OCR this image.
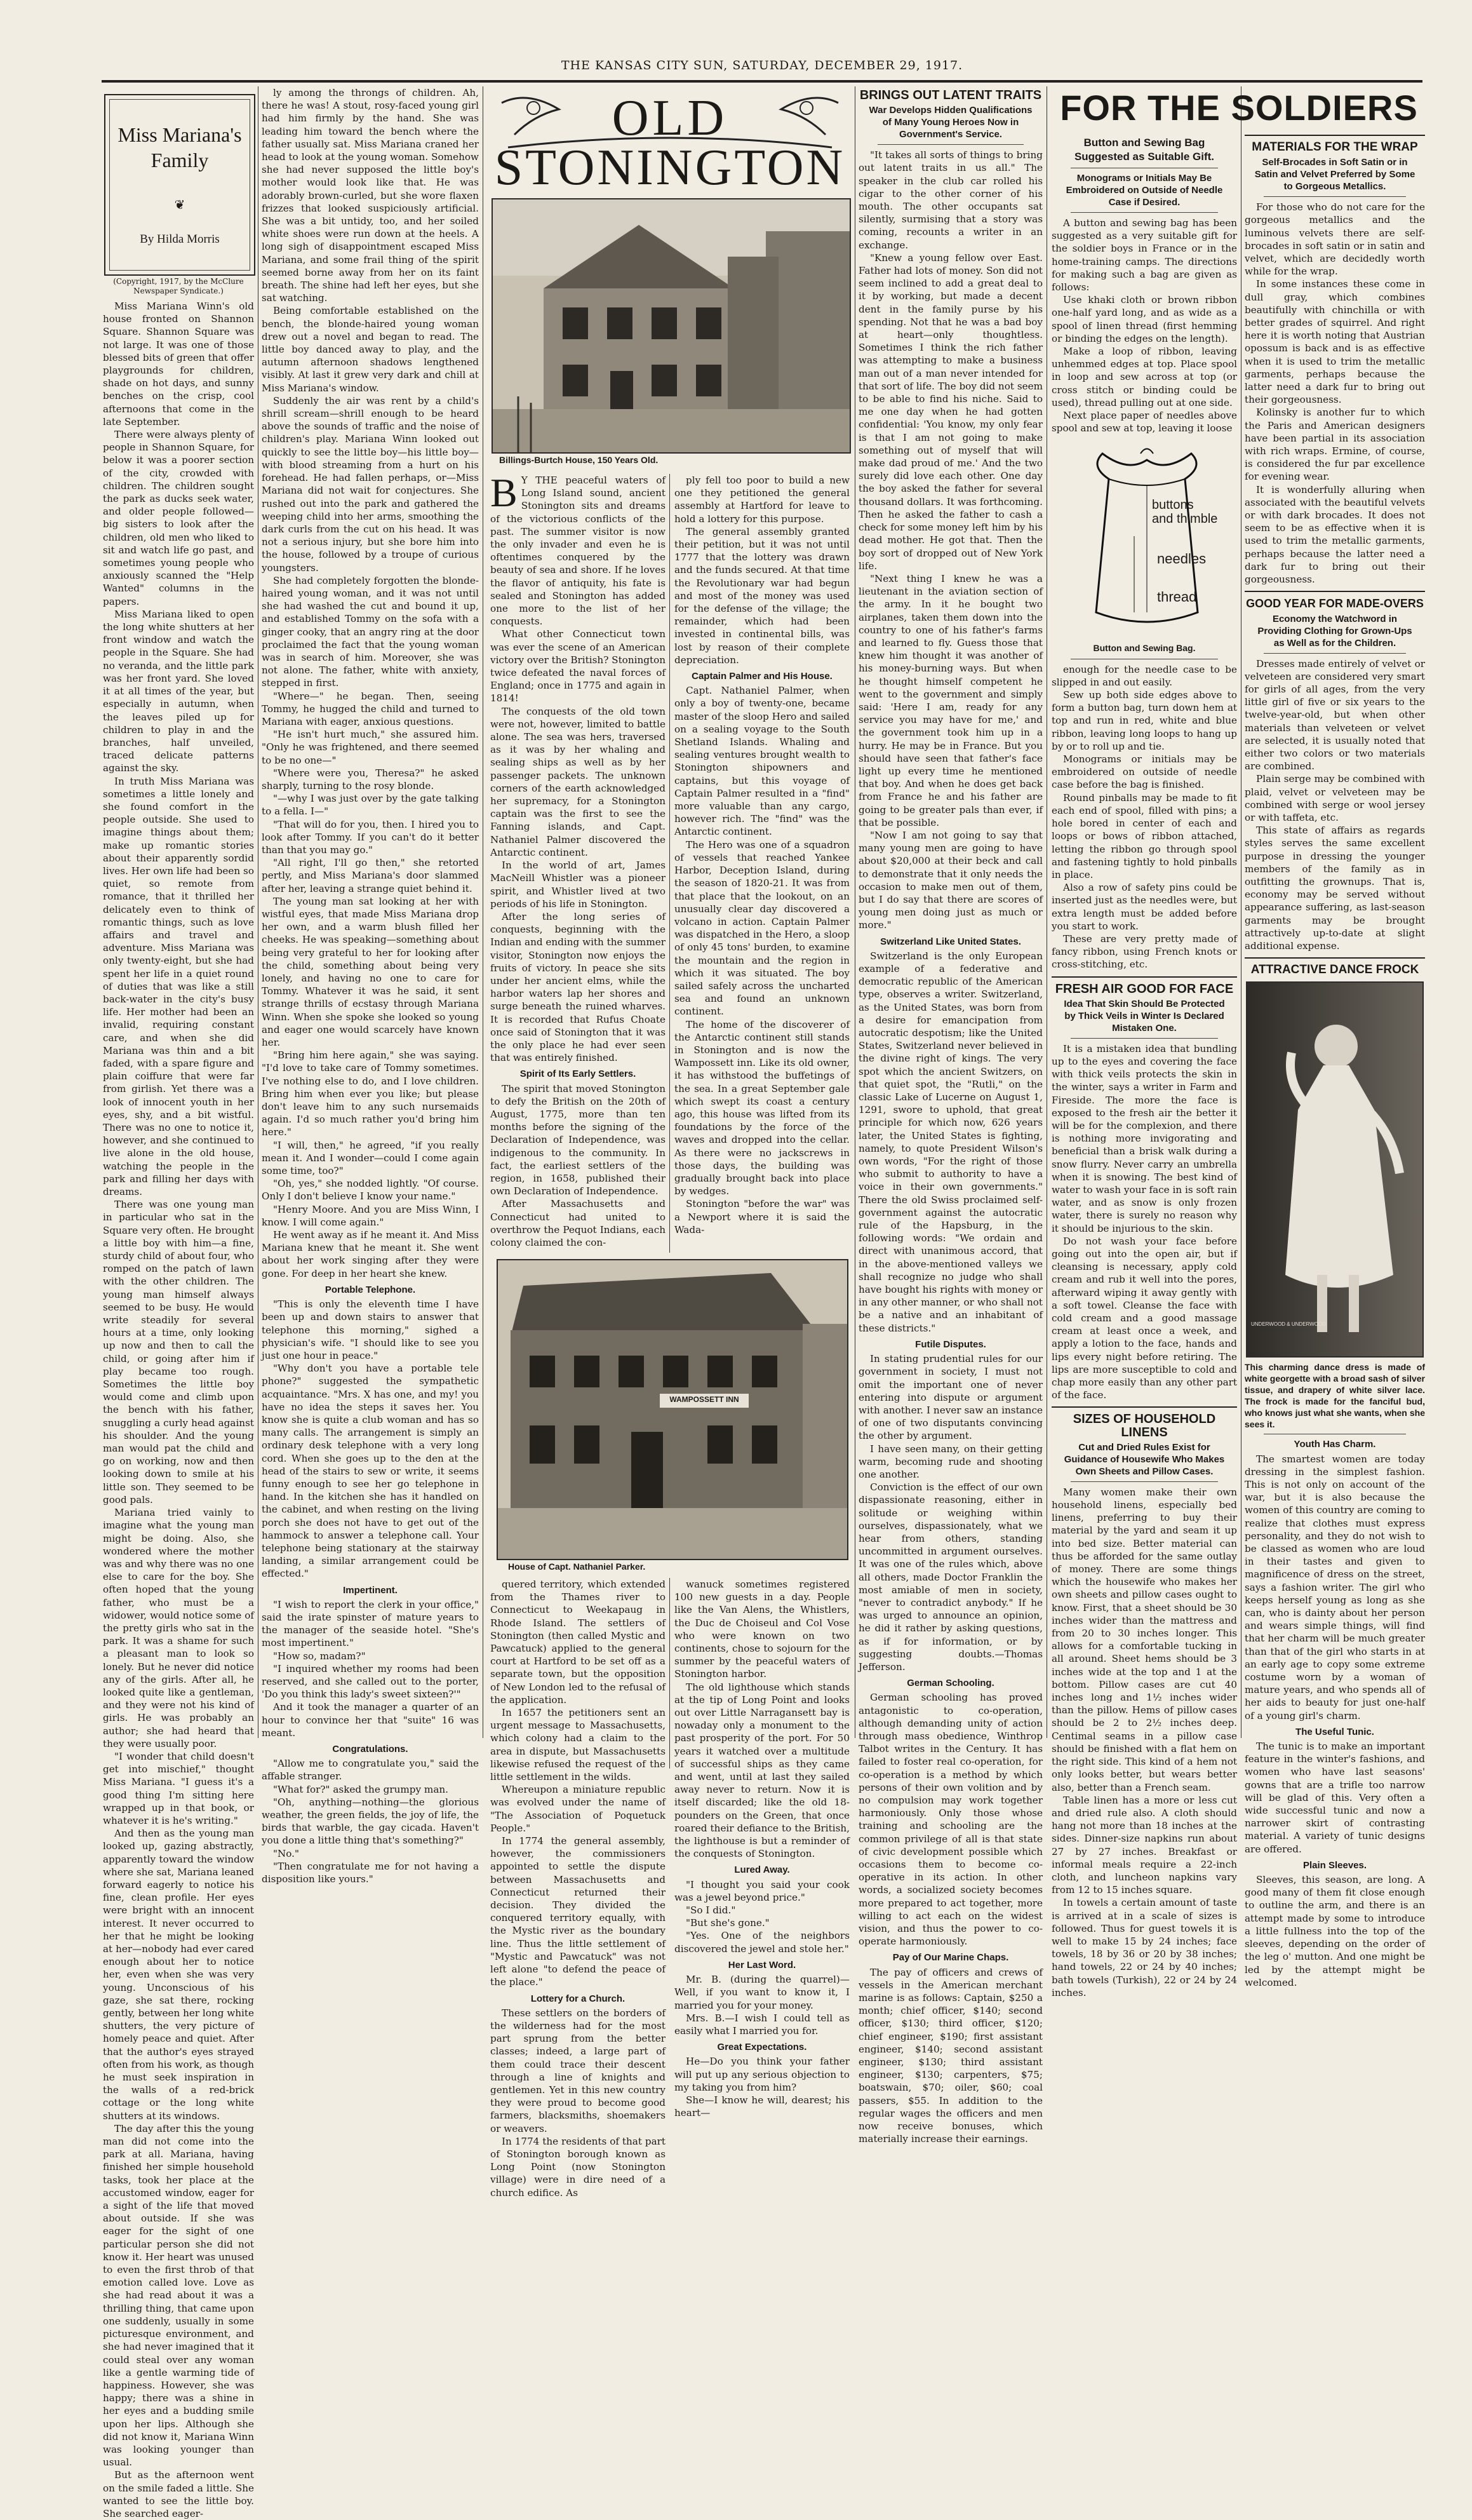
THE KANSAS CITY SUN, SATURDAY, DECEMBER 29, 1917.
Miss Mariana's Family
❦
By Hilda Morris
(Copyright, 1917, by the McClure Newspaper Syndicate.)

Miss Mariana Winn's old house fronted on Shannon Square. Shannon Square was not large. It was one of those blessed bits of green that offer playgrounds for children, shade on hot days, and sunny benches on the crisp, cool afternoons that come in the late September.

There were always plenty of people in Shannon Square, for below it was a poorer section of the city, crowded with children. The children sought the park as ducks seek water, and older people followed—big sisters to look after the children, old men who liked to sit and watch life go past, and sometimes young people who anxiously scanned the "Help Wanted" columns in the papers.

Miss Mariana liked to open the long white shutters at her front window and watch the people in the Square. She had no veranda, and the little park was her front yard. She loved it at all times of the year, but especially in autumn, when the leaves piled up for children to play in and the branches, half unveiled, traced delicate patterns against the sky.

In truth Miss Mariana was sometimes a little lonely and she found comfort in the people outside. She used to imagine things about them; make up romantic stories about their apparently sordid lives. Her own life had been so quiet, so remote from romance, that it thrilled her delicately even to think of romantic things, such as love affairs and travel and adventure. Miss Mariana was only twenty-eight, but she had spent her life in a quiet round of duties that was like a still back-water in the city's busy life. Her mother had been an invalid, requiring constant care, and when she did Mariana was thin and a bit faded, with a spare figure and plain coiffure that were far from girlish. Yet there was a look of innocent youth in her eyes, shy, and a bit wistful. There was no one to notice it, however, and she continued to live alone in the old house, watching the people in the park and filling her days with dreams.

There was one young man in particular who sat in the Square very often. He brought a little boy with him—a fine, sturdy child of about four, who romped on the patch of lawn with the other children. The young man himself always seemed to be busy. He would write steadily for several hours at a time, only looking up now and then to call the child, or going after him if play became too rough. Sometimes the little boy would come and climb upon the bench with his father, snuggling a curly head against his shoulder. And the young man would pat the child and go on working, now and then looking down to smile at his little son. They seemed to be good pals.

Mariana tried vainly to imagine what the young man might be doing. Also, she wondered where the mother was and why there was no one else to care for the boy. She often hoped that the young father, who must be a widower, would notice some of the pretty girls who sat in the park. It was a shame for such a pleasant man to look so lonely. But he never did notice any of the girls. After all, he looked quite like a gentleman, and they were not his kind of girls. He was probably an author; she had heard that they were usually poor.

"I wonder that child doesn't get into mischief," thought Miss Mariana. "I guess it's a good thing I'm sitting here wrapped up in that book, or whatever it is he's writing."

And then as the young man looked up, gazing abstractly, apparently toward the window where she sat, Mariana leaned forward eagerly to notice his fine, clean profile. Her eyes were bright with an innocent interest. It never occurred to her that he might be looking at her—nobody had ever cared enough about her to notice her, even when she was very young. Unconscious of his gaze, she sat there, rocking gently, between her long white shutters, the very picture of homely peace and quiet. After that the author's eyes strayed often from his work, as though he must seek inspiration in the walls of a red-brick cottage or the long white shutters at its windows.

The day after this the young man did not come into the park at all. Mariana, having finished her simple household tasks, took her place at the accustomed window, eager for a sight of the life that moved about outside. If she was eager for the sight of one particular person she did not know it. Her heart was unused to even the first throb of that emotion called love. Love as she had read about it was a thrilling thing, that came upon one suddenly, usually in some picturesque environment, and she had never imagined that it could steal over any woman like a gentle warming tide of happiness. However, she was happy; there was a shine in her eyes and a budding smile upon her lips. Although she did not know it, Mariana Winn was looking younger than usual.

But as the afternoon went on the smile faded a little. She wanted to see the little boy. She searched eager-

ly among the throngs of children. Ah, there he was! A stout, rosy-faced young girl had him firmly by the hand. She was leading him toward the bench where the father usually sat. Miss Mariana craned her head to look at the young woman. Somehow she had never supposed the little boy's mother would look like that. He was adorably brown-curled, but she wore flaxen frizzes that looked suspiciously artificial. She was a bit untidy, too, and her soiled white shoes were run down at the heels. A long sigh of disappointment escaped Miss Mariana, and some frail thing of the spirit seemed borne away from her on its faint breath. The shine had left her eyes, but she sat watching.

Being comfortable established on the bench, the blonde-haired young woman drew out a novel and began to read. The little boy danced away to play, and the autumn afternoon shadows lengthened visibly. At last it grew very dark and chill at Miss Mariana's window.

Suddenly the air was rent by a child's shrill scream—shrill enough to be heard above the sounds of traffic and the noise of children's play. Mariana Winn looked out quickly to see the little boy—his little boy—with blood streaming from a hurt on his forehead. He had fallen perhaps, or—Miss Mariana did not wait for conjectures. She rushed out into the park and gathered the weeping child into her arms, smoothing the dark curls from the cut on his head. It was not a serious injury, but she bore him into the house, followed by a troupe of curious youngsters.

She had completely forgotten the blonde-haired young woman, and it was not until she had washed the cut and bound it up, and established Tommy on the sofa with a ginger cooky, that an angry ring at the door proclaimed the fact that the young woman was in search of him. Moreover, she was not alone. The father, white with anxiety, stepped in first.

"Where—" he began. Then, seeing Tommy, he hugged the child and turned to Mariana with eager, anxious questions.

"He isn't hurt much," she assured him. "Only he was frightened, and there seemed to be no one—"

"Where were you, Theresa?" he asked sharply, turning to the rosy blonde.

"—why I was just over by the gate talking to a fella. I—"

"That will do for you, then. I hired you to look after Tommy. If you can't do it better than that you may go."

"All right, I'll go then," she retorted pertly, and Miss Mariana's door slammed after her, leaving a strange quiet behind it.

The young man sat looking at her with wistful eyes, that made Miss Mariana drop her own, and a warm blush filled her cheeks. He was speaking—something about being very grateful to her for looking after the child, something about being very lonely, and having no one to care for Tommy. Whatever it was he said, it sent strange thrills of ecstasy through Mariana Winn. When she spoke she looked so young and eager one would scarcely have known her.

"Bring him here again," she was saying. "I'd love to take care of Tommy sometimes. I've nothing else to do, and I love children. Bring him when ever you like; but please don't leave him to any such nursemaids again. I'd so much rather you'd bring him here."

"I will, then," he agreed, "if you really mean it. And I wonder—could I come again some time, too?"

"Oh, yes," she nodded lightly. "Of course. Only I don't believe I know your name."

"Henry Moore. And you are Miss Winn, I know. I will come again."

He went away as if he meant it. And Miss Mariana knew that he meant it. She went about her work singing after they were gone. For deep in her heart she knew.

Portable Telephone.

"This is only the eleventh time I have been up and down stairs to answer that telephone this morning," sighed a physician's wife. "I should like to see you just one hour in peace."

"Why don't you have a portable tele phone?" suggested the sympathetic acquaintance. "Mrs. X has one, and my! you have no idea the steps it saves her. You know she is quite a club woman and has so many calls. The arrangement is simply an ordinary desk telephone with a very long cord. When she goes up to the den at the head of the stairs to sew or write, it seems funny enough to see her go telephone in hand. In the kitchen she has it handled on the cabinet, and when resting on the living porch she does not have to get out of the hammock to answer a telephone call. Your telephone being stationary at the stairway landing, a similar arrangement could be effected."

Impertinent.

"I wish to report the clerk in your office," said the irate spinster of mature years to the manager of the seaside hotel. "She's most impertinent."

"How so, madam?"

"I inquired whether my rooms had been reserved, and she called out to the porter, 'Do you think this lady's sweet sixteen?'"

And it took the manager a quarter of an hour to convince her that "suite" 16 was meant.

Congratulations.

"Allow me to congratulate you," said the affable stranger.

"What for?" asked the grumpy man.

"Oh, anything—nothing—the glorious weather, the green fields, the joy of life, the birds that warble, the gay cicada. Haven't you done a little thing that's something?"

"No."

"Then congratulate me for not having a disposition like yours."

OLD
STONINGTON
Billings-Burtch House, 150 Years Old.
B Y THE peaceful waters of Long Island sound, ancient Stonington sits and dreams of the victorious conflicts of the past. The summer visitor is now the only invader and even he is oftentimes conquered by the beauty of sea and shore. If he loves the flavor of antiquity, his fate is sealed and Stonington has added one more to the list of her conquests.

What other Connecticut town was ever the scene of an American victory over the British? Stonington twice defeated the naval forces of England; once in 1775 and again in 1814!

The conquests of the old town were not, however, limited to battle alone. The sea was hers, traversed as it was by her whaling and sealing ships as well as by her passenger packets. The unknown corners of the earth acknowledged her supremacy, for a Stonington captain was the first to see the Fanning islands, and Capt. Nathaniel Palmer discovered the Antarctic continent.

In the world of art, James MacNeill Whistler was a pioneer spirit, and Whistler lived at two periods of his life in Stonington.

After the long series of conquests, beginning with the Indian and ending with the summer visitor, Stonington now enjoys the fruits of victory. In peace she sits under her ancient elms, while the harbor waters lap her shores and surge beneath the ruined wharves. It is recorded that Rufus Choate once said of Stonington that it was the only place he had ever seen that was entirely finished.

Spirit of Its Early Settlers.

The spirit that moved Stonington to defy the British on the 20th of August, 1775, more than ten months before the signing of the Declaration of Independence, was indigenous to the community. In fact, the earliest settlers of the region, in 1658, published their own Declaration of Independence.

After Massachusetts and Connecticut had united to overthrow the Pequot Indians, each colony claimed the con-

ply fell too poor to build a new one they petitioned the general assembly at Hartford for leave to hold a lottery for this purpose.

The general assembly granted their petition, but it was not until 1777 that the lottery was drawn and the funds secured. At that time the Revolutionary war had begun and most of the money was used for the defense of the village; the remainder, which had been invested in continental bills, was lost by reason of their complete depreciation.

Captain Palmer and His House.

Capt. Nathaniel Palmer, when only a boy of twenty-one, became master of the sloop Hero and sailed on a sealing voyage to the South Shetland Islands. Whaling and sealing ventures brought wealth to Stonington shipowners and captains, but this voyage of Captain Palmer resulted in a "find" more valuable than any cargo, however rich. The "find" was the Antarctic continent.

The Hero was one of a squadron of vessels that reached Yankee Harbor, Deception Island, during the season of 1820-21. It was from that place that the lookout, on an unusually clear day discovered a volcano in action. Captain Palmer was dispatched in the Hero, a sloop of only 45 tons' burden, to examine the mountain and the region in which it was situated. The boy sailed safely across the uncharted sea and found an unknown continent.

The home of the discoverer of the Antarctic continent still stands in Stonington and is now the Wampossett inn. Like its old owner, it has withstood the buffetings of the sea. In a great September gale which swept its coast a century ago, this house was lifted from its foundations by the force of the waves and dropped into the cellar. As there were no jackscrews in those days, the building was gradually brought back into place by wedges.

Stonington "before the war" was a Newport where it is said the Wada-

WAMPOSSETT INN
House of Capt. Nathaniel Parker.

quered territory, which extended from the Thames river to Connecticut to Weekapaug in Rhode Island. The settlers of Stonington (then called Mystic and Pawcatuck) applied to the general court at Hartford to be set off as a separate town, but the opposition of New London led to the refusal of the application.

In 1657 the petitioners sent an urgent message to Massachusetts, which colony had a claim to the area in dispute, but Massachusetts likewise refused the request of the little settlement in the wilds.

Whereupon a miniature republic was evolved under the name of "The Association of Poquetuck People."

In 1774 the general assembly, however, the commissioners appointed to settle the dispute between Massachusetts and Connecticut returned their decision. They divided the conquered territory equally, with the Mystic river as the boundary line. Thus the little settlement of "Mystic and Pawcatuck" was not left alone "to defend the peace of the place."

Lottery for a Church.

These settlers on the borders of the wilderness had for the most part sprung from the better classes; indeed, a large part of them could trace their descent through a line of knights and gentlemen. Yet in this new country they were proud to become good farmers, blacksmiths, shoemakers or weavers.

In 1774 the residents of that part of Stonington borough known as Long Point (now Stonington village) were in dire need of a church edifice. As

wanuck sometimes registered 100 new guests in a day. People like the Van Alens, the Whistlers, the Duc de Choiseul and Col Vose who were known on two continents, chose to sojourn for the summer by the peaceful waters of Stonington harbor.

The old lighthouse which stands at the tip of Long Point and looks out over Little Narragansett bay is nowaday only a monument to the past prosperity of the port. For 50 years it watched over a multitude of successful ships as they came and went, until at last they sailed away never to return. Now it is itself discarded; like the old 18-pounders on the Green, that once roared their defiance to the British, the lighthouse is but a reminder of the conquests of Stonington.

Lured Away.

"I thought you said your cook was a jewel beyond price."

"So I did."

"But she's gone."

"Yes. One of the neighbors discovered the jewel and stole her."

Her Last Word.

Mr. B. (during the quarrel)—Well, if you want to know it, I married you for your money.

Mrs. B.—I wish I could tell as easily what I married you for.

Great Expectations.

He—Do you think your father will put up any serious objection to my taking you from him?

She—I know he will, dearest; his heart—

BRINGS OUT LATENT TRAITS
War Develops Hidden Qualifications of Many Young Heroes Now in Government's Service.

"It takes all sorts of things to bring out latent traits in us all." The speaker in the club car rolled his cigar to the other corner of his mouth. The other occupants sat silently, surmising that a story was coming, recounts a writer in an exchange.

"Knew a young fellow over East. Father had lots of money. Son did not seem inclined to add a great deal to it by working, but made a decent dent in the family purse by his spending. Not that he was a bad boy at heart—only thoughtless. Sometimes I think the rich father was attempting to make a business man out of a man never intended for that sort of life. The boy did not seem to be able to find his niche. Said to me one day when he had gotten confidential: 'You know, my only fear is that I am not going to make something out of myself that will make dad proud of me.' And the two surely did love each other. One day the boy asked the father for several thousand dollars. It was forthcoming. Then he asked the father to cash a check for some money left him by his dead mother. He got that. Then the boy sort of dropped out of New York life.

"Next thing I knew he was a lieutenant in the aviation section of the army. In it he bought two airplanes, taken them down into the country to one of his father's farms and learned to fly. Guess those that knew him thought it was another of his money-burning ways. But when he thought himself competent he went to the government and simply said: 'Here I am, ready for any service you may have for me,' and the government took him up in a hurry. He may be in France. But you should have seen that father's face light up every time he mentioned that boy. And when he does get back from France he and his father are going to be greater pals than ever, if that be possible.

"Now I am not going to say that many young men are going to have about $20,000 at their beck and call to demonstrate that it only needs the occasion to make men out of them, but I do say that there are scores of young men doing just as much or more."

Switzerland Like United States.

Switzerland is the only European example of a federative and democratic republic of the American type, observes a writer. Switzerland, as the United States, was born from a desire for emancipation from autocratic despotism; like the United States, Switzerland never believed in the divine right of kings. The very spot which the ancient Switzers, on that quiet spot, the "Rutli," on the classic Lake of Lucerne on August 1, 1291, swore to uphold, that great principle for which now, 626 years later, the United States is fighting, namely, to quote President Wilson's own words, "For the right of those who submit to authority to have a voice in their own governments." There the old Swiss proclaimed self-government against the autocratic rule of the Hapsburg, in the following words: "We ordain and direct with unanimous accord, that in the above-mentioned valleys we shall recognize no judge who shall have bought his rights with money or in any other manner, or who shall not be a native and an inhabitant of these districts."

Futile Disputes.

In stating prudential rules for our government in society, I must not omit the important one of never entering into dispute or argument with another. I never saw an instance of one of two disputants convincing the other by argument.

I have seen many, on their getting warm, becoming rude and shooting one another.

Conviction is the effect of our own dispassionate reasoning, either in solitude or weighing within ourselves, dispassionately, what we hear from others, standing uncommitted in argument ourselves. It was one of the rules which, above all others, made Doctor Franklin the most amiable of men in society, "never to contradict anybody." If he was urged to announce an opinion, he did it rather by asking questions, as if for information, or by suggesting doubts.—Thomas Jefferson.

German Schooling.

German schooling has proved antagonistic to co-operation, although demanding unity of action through mass obedience, Winthrop Talbot writes in the Century. It has failed to foster real co-operation, for co-operation is a method by which persons of their own volition and by no compulsion may work together harmoniously. Only those whose training and schooling are the common privilege of all is that state of civic development possible which occasions them to become co-operative in its action. In other words, a socialized society becomes more prepared to act together, more willing to act each on the widest vision, and thus the power to co-operate harmoniously.

Pay of Our Marine Chaps.

The pay of officers and crews of vessels in the American merchant marine is as follows: Captain, $250 a month; chief officer, $140; second officer, $130; third officer, $120; chief engineer, $190; first assistant engineer, $140; second assistant engineer, $130; third assistant engineer, $130; carpenters, $75; boatswain, $70; oiler, $60; coal passers, $55. In addition to the regular wages the officers and men now receive bonuses, which materially increase their earnings.

FOR THE SOLDIERS
Button and Sewing Bag Suggested as Suitable Gift.
Monograms or Initials May Be Embroidered on Outside of Needle Case if Desired.

A button and sewing bag has been suggested as a very suitable gift for the soldier boys in France or in the home-training camps. The directions for making such a bag are given as follows:

Use khaki cloth or brown ribbon one-half yard long, and as wide as a spool of linen thread (first hemming or binding the edges on the length).

Make a loop of ribbon, leaving unhemmed edges at top. Place spool in loop and sew across at top (or cross stitch or binding could be used), thread pulling out at one side.

Next place paper of needles above spool and sew at top, leaving it loose

buttons
and thimble
needles
thread
Button and Sewing Bag.

enough for the needle case to be slipped in and out easily.

Sew up both side edges above to form a button bag, turn down hem at top and run in red, white and blue ribbon, leaving long loops to hang up by or to roll up and tie.

Monograms or initials may be embroidered on outside of needle case before the bag is finished.

Round pinballs may be made to fit each end of spool, filled with pins; a hole bored in center of each and loops or bows of ribbon attached, letting the ribbon go through spool and fastening tightly to hold pinballs in place.

Also a row of safety pins could be inserted just as the needles were, but extra length must be added before you start to work.

These are very pretty made of fancy ribbon, using French knots or cross-stitching, etc.

FRESH AIR GOOD FOR FACE
Idea That Skin Should Be Protected by Thick Veils in Winter Is Declared Mistaken One.

It is a mistaken idea that bundling up to the eyes and covering the face with thick veils protects the skin in the winter, says a writer in Farm and Fireside. The more the face is exposed to the fresh air the better it will be for the complexion, and there is nothing more invigorating and beneficial than a brisk walk during a snow flurry. Never carry an umbrella when it is snowing. The best kind of water to wash your face in is soft rain water, and as snow is only frozen water, there is surely no reason why it should be injurious to the skin.

Do not wash your face before going out into the open air, but if cleansing is necessary, apply cold cream and rub it well into the pores, afterward wiping it away gently with a soft towel. Cleanse the face with cold cream and a good massage cream at least once a week, and apply a lotion to the face, hands and lips every night before retiring. The lips are more susceptible to cold and chap more easily than any other part of the face.

SIZES OF HOUSEHOLD LINENS
Cut and Dried Rules Exist for Guidance of Housewife Who Makes Own Sheets and Pillow Cases.

Many women make their own household linens, especially bed linens, preferring to buy their material by the yard and seam it up into bed size. Better material can thus be afforded for the same outlay of money. There are some things which the housewife who makes her own sheets and pillow cases ought to know. First, that a sheet should be 30 inches wider than the mattress and from 20 to 30 inches longer. This allows for a comfortable tucking in all around. Sheet hems should be 3 inches wide at the top and 1 at the bottom. Pillow cases are cut 40 inches long and 1½ inches wider than the pillow. Hems of pillow cases should be 2 to 2½ inches deep. Centimal seams in a pillow case should be finished with a flat hem on the right side. This kind of a hem not only looks better, but wears better also, better than a French seam.

Table linen has a more or less cut and dried rule also. A cloth should hang not more than 18 inches at the sides. Dinner-size napkins run about 27 by 27 inches. Breakfast or informal meals require a 22-inch cloth, and luncheon napkins vary from 12 to 15 inches square.

In towels a certain amount of taste is arrived at in a scale of sizes is followed. Thus for guest towels it is well to make 15 by 24 inches; face towels, 18 by 36 or 20 by 38 inches; hand towels, 22 or 24 by 40 inches; bath towels (Turkish), 22 or 24 by 24 inches.

MATERIALS FOR THE WRAP
Self-Brocades in Soft Satin or in Satin and Velvet Preferred by Some to Gorgeous Metallics.

For those who do not care for the gorgeous metallics and the luminous velvets there are self-brocades in soft satin or in satin and velvet, which are decidedly worth while for the wrap.

In some instances these come in dull gray, which combines beautifully with chinchilla or with better grades of squirrel. And right here it is worth noting that Austrian opossum is back and is as effective when it is used to trim the metallic garments, perhaps because the latter need a dark fur to bring out their gorgeousness.

Kolinsky is another fur to which the Paris and American designers have been partial in its association with rich wraps. Ermine, of course, is considered the fur par excellence for evening wear.

It is wonderfully alluring when associated with the beautiful velvets or with dark brocades. It does not seem to be as effective when it is used to trim the metallic garments, perhaps because the latter need a dark fur to bring out their gorgeousness.

GOOD YEAR FOR MADE-OVERS
Economy the Watchword in Providing Clothing for Grown-Ups as Well as for the Children.

Dresses made entirely of velvet or velveteen are considered very smart for girls of all ages, from the very little girl of five or six years to the twelve-year-old, but when other materials than velveteen or velvet are selected, it is usually noted that either two colors or two materials are combined.

Plain serge may be combined with plaid, velvet or velveteen may be combined with serge or wool jersey or with taffeta, etc.

This state of affairs as regards styles serves the same excellent purpose in dressing the younger members of the family as in outfitting the grownups. That is, economy may be served without appearance suffering, as last-season garments may be brought attractively up-to-date at slight additional expense.

ATTRACTIVE DANCE FROCK
UNDERWOOD & UNDERWOOD
This charming dance dress is made of white georgette with a broad sash of silver tissue, and drapery of white silver lace. The frock is made for the fanciful bud, who knows just what she wants, when she sees it.
Youth Has Charm.

The smartest women are today dressing in the simplest fashion. This is not only on account of the war, but it is also because the women of this country are coming to realize that clothes must express personality, and they do not wish to be classed as women who are loud in their tastes and given to magnificence of dress on the street, says a fashion writer. The girl who keeps herself young as long as she can, who is dainty about her person and wears simple things, will find that her charm will be much greater than that of the girl who starts in at an early age to copy some extreme costume worn by a woman of mature years, and who spends all of her aids to beauty for just one-half of a young girl's charm.

The Useful Tunic.

The tunic is to make an important feature in the winter's fashions, and women who have last seasons' gowns that are a trifle too narrow will be glad of this. Very often a wide successful tunic and now a narrower skirt of contrasting material. A variety of tunic designs are offered.

Plain Sleeves.

Sleeves, this season, are long. A good many of them fit close enough to outline the arm, and there is an attempt made by some to introduce a little fullness into the top of the sleeves, depending on the order of the leg o' mutton. And one might be led by the attempt might be welcomed.
